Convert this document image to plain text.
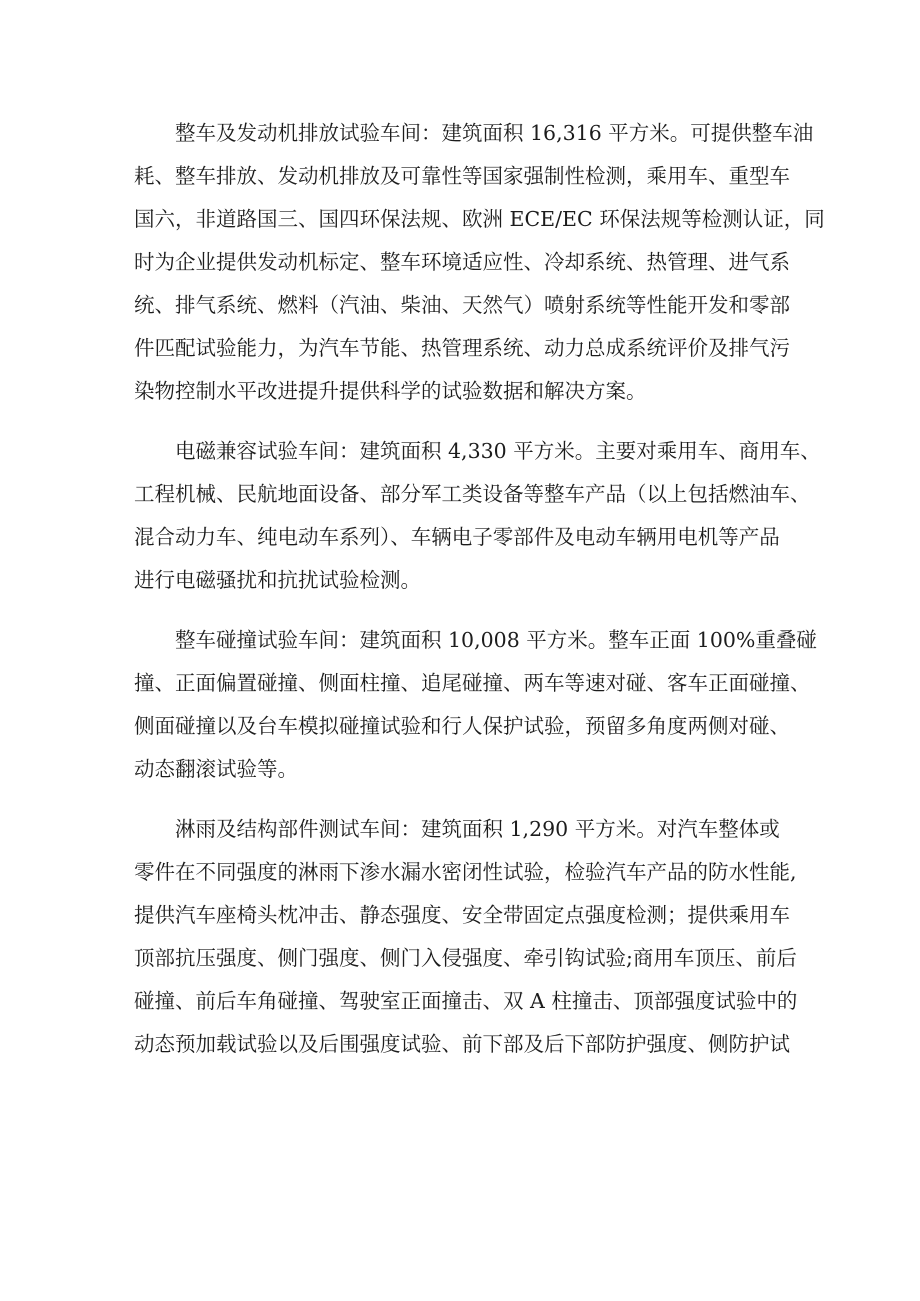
整车及发动机排放试验车间：建筑面积 16,316 平方米。可提供整车油
耗、整车排放、发动机排放及可靠性等国家强制性检测，乘用车、重型车
国六，非道路国三、国四环保法规、欧洲 ECE/EC 环保法规等检测认证，同
时为企业提供发动机标定、整车环境适应性、冷却系统、热管理、进气系
统、排气系统、燃料（汽油、柴油、天然气）喷射系统等性能开发和零部
件匹配试验能力，为汽车节能、热管理系统、动力总成系统评价及排气污
染物控制水平改进提升提供科学的试验数据和解决方案。

电磁兼容试验车间：建筑面积 4,330 平方米。主要对乘用车、商用车、
工程机械、民航地面设备、部分军工类设备等整车产品（以上包括燃油车、
混合动力车、纯电动车系列）、车辆电子零部件及电动车辆用电机等产品
进行电磁骚扰和抗扰试验检测。

整车碰撞试验车间：建筑面积 10,008 平方米。整车正面 100%重叠碰
撞、正面偏置碰撞、侧面柱撞、追尾碰撞、两车等速对碰、客车正面碰撞、
侧面碰撞以及台车模拟碰撞试验和行人保护试验，预留多角度两侧对碰、
动态翻滚试验等。

淋雨及结构部件测试车间：建筑面积 1,290 平方米。对汽车整体或
零件在不同强度的淋雨下渗水漏水密闭性试验，检验汽车产品的防水性能,
提供汽车座椅头枕冲击、静态强度、安全带固定点强度检测；提供乘用车
顶部抗压强度、侧门强度、侧门入侵强度、牵引钩试验;商用车顶压、前后
碰撞、前后车角碰撞、驾驶室正面撞击、双 A 柱撞击、顶部强度试验中的
动态预加载试验以及后围强度试验、前下部及后下部防护强度、侧防护试
